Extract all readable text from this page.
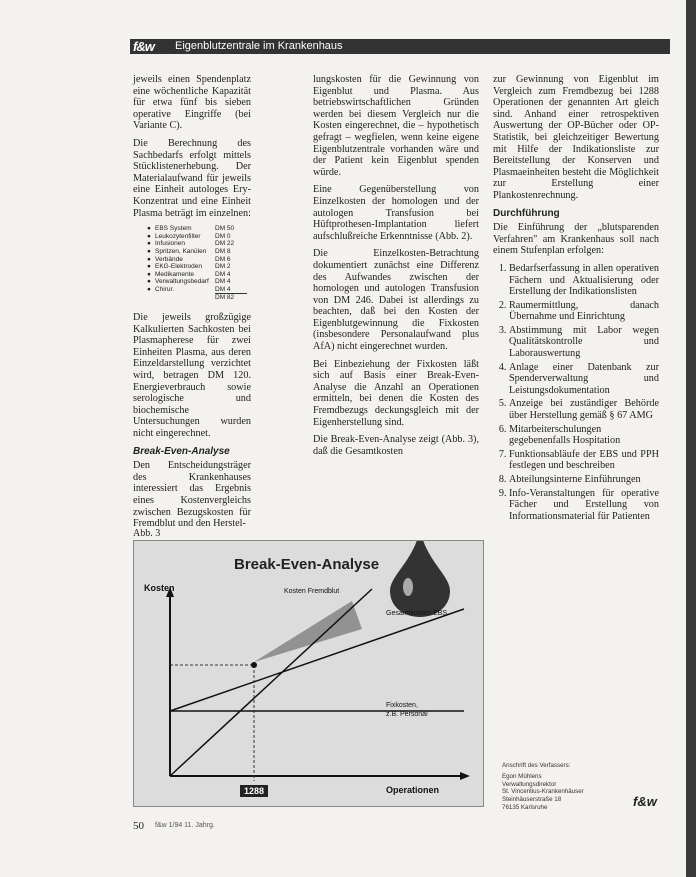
f&w Eigenblutzentrale im Krankenhaus

jeweils einen Spendenplatz eine wöchentliche Kapazität für etwa fünf bis sieben operative Eingriffe (bei Variante C).

Die Berechnung des Sachbedarfs erfolgt mittels Stücklistenerhebung. Der Materialaufwand für jeweils eine Einheit autologes Ery-Konzentrat und eine Einheit Plasma beträgt im einzelnen:

● EBS System	DM 50
● Leukozytenfilter	DM 0
● Infusionen	DM 22
● Spritzen, Kanülen	DM 8
● Verbände	DM 6
● EKG-Elektroden	DM 2
● Medikamente	DM 4
● Verwaltungsbedarf DM 4
● Chirur.	DM 4
DM 82

Die jeweils großzügige Kalkulierten Sachkosten bei Plasmapherese für zwei Einheiten Plasma, aus deren Einzeldarstellung verzichtet wird, betragen DM 120. Energieverbrauch sowie serologische und biochemische Untersuchungen wurden nicht eingerechnet.

Break-Even-Analyse

Den Entscheidungsträger des Krankenhauses interessiert das Ergebnis eines Kostenvergleichs zwischen Bezugskosten für Fremdblut und den Herstel-

lungskosten für die Gewinnung von Eigenblut und Plasma. Aus betriebswirtschaftlichen Gründen werden bei diesem Vergleich nur die Kosten eingerechnet, die – hypothetisch gefragt – wegfielen, wenn keine eigene Eigenblutzentrale vorhanden wäre und der Patient kein Eigenblut spenden würde.

Eine Gegenüberstellung von Einzelkosten der homologen und der autologen Transfusion bei Hüftprothesen-Implantation liefert aufschlußreiche Erkenntnisse (Abb. 2).

Die Einzelkosten-Betrachtung dokumentiert zunächst eine Differenz des Aufwandes zwischen der homologen und autologen Transfusion von DM 246. Dabei ist allerdings zu beachten, daß bei den Kosten der Eigenblutgewinnung die Fixkosten (insbesondere Personalaufwand plus AfA) nicht eingerechnet wurden.

Bei Einbeziehung der Fixkosten läßt sich auf Basis einer Break-Even-Analyse die Anzahl an Operationen ermitteln, bei denen die Kosten des Fremdbezugs deckungsgleich mit der Eigenherstellung sind.

Die Break-Even-Analyse zeigt (Abb. 3), daß die Gesamtkosten

zur Gewinnung von Eigenblut im Vergleich zum Fremdbezug bei 1288 Operationen der genannten Art gleich sind. Anhand einer retrospektiven Auswertung der OP-Bücher oder OP-Statistik, bei gleichzeitiger Bewertung mit Hilfe der Indikationsliste zur Bereitstellung der Konserven und Plasmaeinheiten besteht die Möglichkeit zur Erstellung einer Plankostenrechnung.

Durchführung

Die Einführung der „blutsparenden Verfahren" am Krankenhaus soll nach einem Stufenplan erfolgen:

1. Bedarfserfassung in allen operativen Fächern und Aktualisierung oder Erstellung der Indikationslisten
2. Raumermittlung, danach Übernahme und Einrichtung
3. Abstimmung mit Labor wegen Qualitätskontrolle und Laborauswertung
4. Anlage einer Datenbank zur Spenderverwaltung und Leistungsdokumentation
5. Anzeige bei zuständiger Behörde über Herstellung gemäß § 67 AMG
6. Mitarbeiterschulungen gegebenenfalls Hospitation
7. Funktionsabläufe der EBS und PPH festlegen und beschreiben
8. Abteilungsinterne Einführungen
9. Info-Veranstaltungen für operative Fächer und Erstellung von Informationsmaterial für Patienten
Abb. 3
Break-Even-Analyse
Kosten
Operationen
Kosten Fremdblut
Gesamtkosten EBS
Fixkosten,
z.B. Personal
1288
Anschrift des Verfassers:
Egon Mühlens
Verwaltungsdirektor
St. Vincentius-Krankenhäuser
Steinhäuserstraße 18
76135 Karlsruhe	f&w
50 f&w 1/94 11. Jahrg.
